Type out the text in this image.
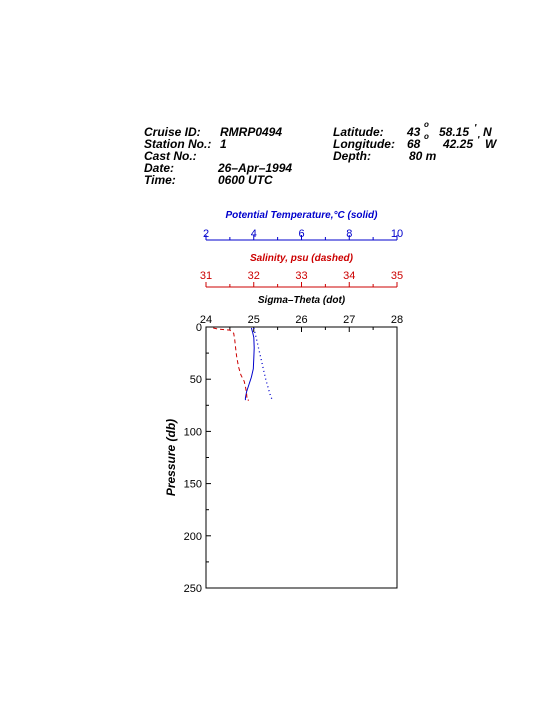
Cruise ID: RMRP0494
Station No.: 1
Cast No.:
Date:	26–Apr–1994
Time:	0600 UTC
Latitude: 43
o
58.15 ' N
Longitude: 68
o
42.25 ' W
Depth:	80 m
2	4	6	8	10
Potential Temperature,°C (solid)
31	32	33	34	35
Salinity, psu (dashed)
24	25	26	27	28
Sigma–Theta (dot)
0
50
100
150
200
250
Pressure (db)
